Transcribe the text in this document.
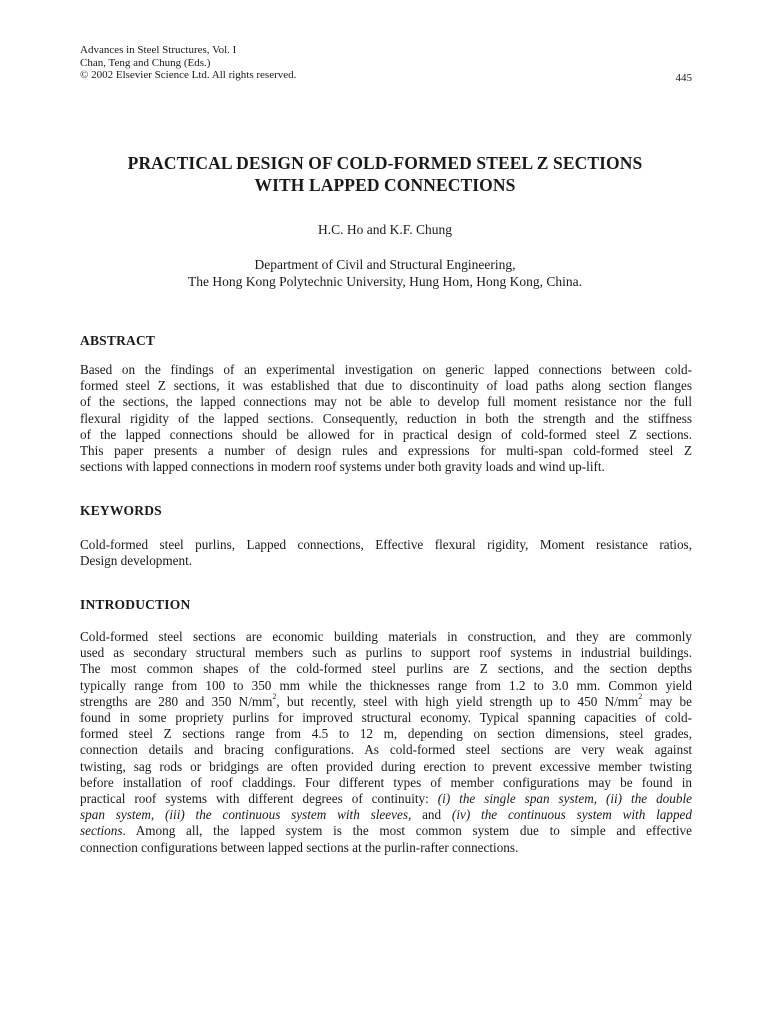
Advances in Steel Structures, Vol. I
Chan, Teng and Chung (Eds.)
© 2002 Elsevier Science Ltd. All rights reserved.	445
PRACTICAL DESIGN OF COLD-FORMED STEEL Z SECTIONS
WITH LAPPED CONNECTIONS
H.C. Ho and K.F. Chung
Department of Civil and Structural Engineering,
The Hong Kong Polytechnic University, Hung Hom, Hong Kong, China.
ABSTRACT
Based on the findings of an experimental investigation on generic lapped connections between cold-
formed steel Z sections, it was established that due to discontinuity of load paths along section flanges
of the sections, the lapped connections may not be able to develop full moment resistance nor the full
flexural rigidity of the lapped sections. Consequently, reduction in both the strength and the stiffness
of the lapped connections should be allowed for in practical design of cold-formed steel Z sections.
This paper presents a number of design rules and expressions for multi-span cold-formed steel Z
sections with lapped connections in modern roof systems under both gravity loads and wind up-lift.
KEYWORDS
Cold-formed steel purlins, Lapped connections, Effective flexural rigidity, Moment resistance ratios,
Design development.
INTRODUCTION
Cold-formed steel sections are economic building materials in construction, and they are commonly
used as secondary structural members such as purlins to support roof systems in industrial buildings.
The most common shapes of the cold-formed steel purlins are Z sections, and the section depths
typically range from 100 to 350 mm while the thicknesses range from 1.2 to 3.0 mm. Common yield
strengths are 280 and 350 $N/mm^2$, but recently, steel with high yield strength up to 450 $N/mm^2$ may be
found in some propriety purlins for improved structural economy. Typical spanning capacities of cold-
formed steel Z sections range from 4.5 to 12 m, depending on section dimensions, steel grades,
connection details and bracing configurations. As cold-formed steel sections are very weak against
twisting, sag rods or bridgings are often provided during erection to prevent excessive member twisting
before installation of roof claddings. Four different types of member configurations may be found in
practical roof systems with different degrees of continuity: (i) the single span system, (ii) the double
span system, (iii) the continuous system with sleeves, and (iv) the continuous system with lapped
sections. Among all, the lapped system is the most common system due to simple and effective
connection configurations between lapped sections at the purlin-rafter connections.
